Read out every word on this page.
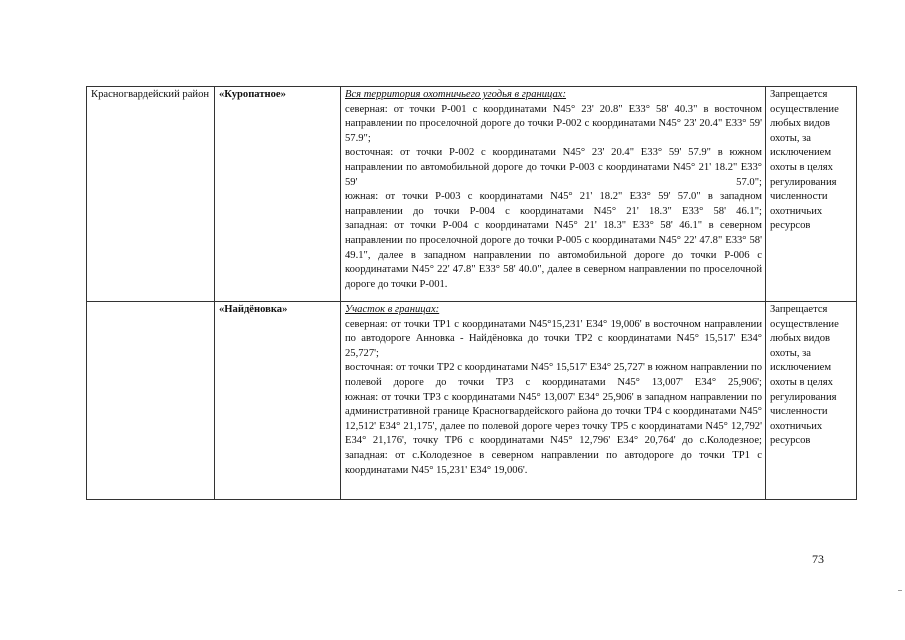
Красногвардейский район	«Куропатное»	Вся территория охотничьего угодья в границах:
северная: от точки Р-001 с координатами N45° 23' 20.8" E33° 58' 40.3" в восточном направлении по проселочной дороге до точки Р-002 с координатами N45° 23' 20.4" E33° 59' 57.9";
восточная: от точки Р-002 с координатами N45° 23' 20.4" E33° 59' 57.9" в южном направлении по автомобильной дороге до точки Р-003 с координатами N45° 21' 18.2" E33° 59' 57.0";
южная: от точки Р-003 с координатами N45° 21' 18.2" E33° 59' 57.0" в западном направлении до точки Р-004 с координатами N45° 21' 18.3" E33° 58' 46.1";
западная: от точки Р-004 с координатами N45° 21' 18.3" E33° 58' 46.1" в северном направлении по проселочной дороге до точки Р-005 с координатами N45° 22' 47.8" E33° 58' 49.1", далее в западном направлении по автомобильной дороге до точки Р-006 с координатами N45° 22' 47.8" E33° 58' 40.0", далее в северном направлении по проселочной дороге до точки Р-001.	Запрещается осуществление любых видов охоты, за исключением охоты в целях регулирования численности охотничьих ресурсов

	«Найдёновка»	Участок в границах:
северная: от точки ТР1 с координатами N45°15,231' E34° 19,006' в восточном направлении по автодороге Анновка - Найдёновка до точки ТР2 с координатами N45° 15,517' E34° 25,727';
восточная: от точки ТР2 с координатами N45° 15,517' E34° 25,727' в южном направлении по полевой дороге до точки ТР3 с координатами N45° 13,007' E34° 25,906';
южная: от точки ТР3 с координатами N45° 13,007' E34° 25,906' в западном направлении по административной границе Красногвардейского района до точки ТР4 с координатами N45° 12,512' E34° 21,175', далее по полевой дороге через точку ТР5 с координатами N45° 12,792' E34° 21,176', точку ТР6 с координатами N45° 12,796' E34° 20,764' до с.Колодезное;
западная: от с.Колодезное в северном направлении по автодороге до точки ТР1 с координатами N45° 15,231' E34° 19,006'.	Запрещается осуществление любых видов охоты, за исключением охоты в целях регулирования численности охотничьих ресурсов
73
